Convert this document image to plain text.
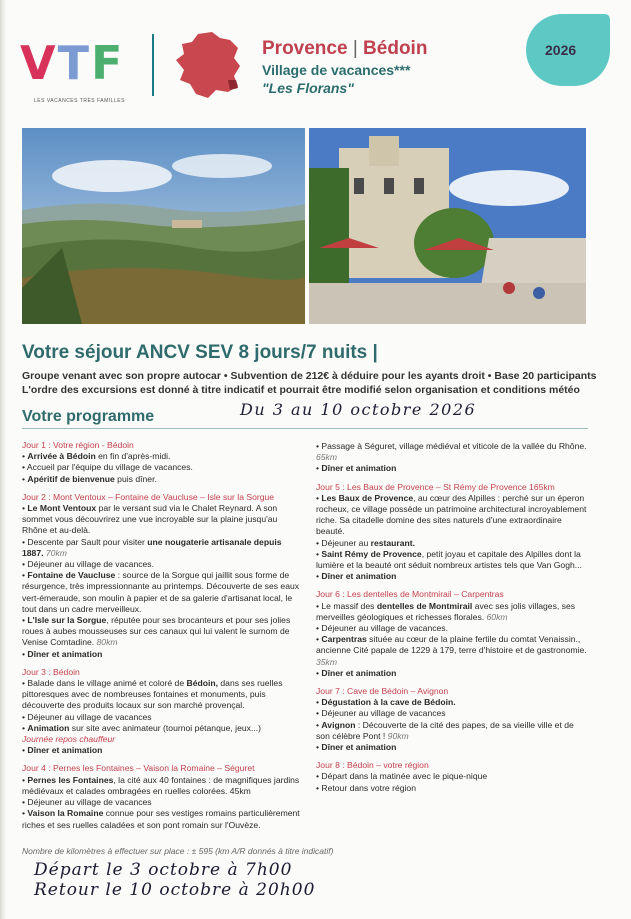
VTF
LES VACANCES TRÈS FAMILLES
Provence | Bédoin
Village de vacances***
"Les Florans"
2026
Votre séjour ANCV SEV 8 jours/7 nuits |
Groupe venant avec son propre autocar • Subvention de 212€ à déduire pour les ayants droit • Base 20 participants
L'ordre des excursions est donné à titre indicatif et pourrait être modifié selon organisation et conditions météo
Votre programme	Du 3 au 10 octobre 2026
Jour 1 : Votre région - Bédoin
• Arrivée à Bédoin en fin d'après-midi.
• Accueil par l'équipe du village de vacances.
• Apéritif de bienvenue puis dîner.
Jour 2 : Mont Ventoux – Fontaine de Vaucluse – Isle sur la Sorgue
• Le Mont Ventoux par le versant sud via le Chalet Reynard. A son sommet vous découvrirez une vue incroyable sur la plaine jusqu'au Rhône et au-delà.
• Descente par Sault pour visiter une nougaterie artisanale depuis 1887. 70km
• Déjeuner au village de vacances.
• Fontaine de Vaucluse : source de la Sorgue qui jaillit sous forme de résurgence, très impressionnante au printemps. Découverte de ses eaux vert-émeraude, son moulin à papier et de sa galerie d'artisanat local, le tout dans un cadre merveilleux.
• L'Isle sur la Sorgue, réputée pour ses brocanteurs et pour ses jolies roues à aubes mousseuses sur ces canaux qui lui valent le surnom de Venise Comtadine. 80km
• Dîner et animation
Jour 3 : Bédoin
• Balade dans le village animé et coloré de Bédoin, dans ses ruelles pittoresques avec de nombreuses fontaines et monuments, puis découverte des produits locaux sur son marché provençal.
• Déjeuner au village de vacances
• Animation sur site avec animateur (tournoi pétanque, jeux...)
Journée repos chauffeur
• Dîner et animation
Jour 4 : Pernes les Fontaines – Vaison la Romaine – Séguret
• Pernes les Fontaines, la cité aux 40 fontaines : de magnifiques jardins médiévaux et calades ombragées en ruelles colorées. 45km
• Déjeuner au village de vacances
• Vaison la Romaine connue pour ses vestiges romains particulièrement riches et ses ruelles caladées et son pont romain sur l'Ouvèze.
• Passage à Séguret, village médiéval et viticole de la vallée du Rhône. 65km
• Dîner et animation
Jour 5 : Les Baux de Provence – St Rémy de Provence 165km
• Les Baux de Provence, au cœur des Alpilles : perché sur un éperon rocheux, ce village possède un patrimoine architectural incroyablement riche. Sa citadelle domine des sites naturels d'une extraordinaire beauté.
• Déjeuner au restaurant.
• Saint Rémy de Provence, petit joyau et capitale des Alpilles dont la lumière et la beauté ont séduit nombreux artistes tels que Van Gogh...
• Dîner et animation
Jour 6 : Les dentelles de Montmirail – Carpentras
• Le massif des dentelles de Montmirail avec ses jolis villages, ses merveilles géologiques et richesses florales. 60km
• Déjeuner au village de vacances.
• Carpentras située au cœur de la plaine fertile du comtat Venaissin., ancienne Cité papale de 1229 à 179, terre d'histoire et de gastronomie. 35km
• Dîner et animation
Jour 7 : Cave de Bédoin – Avignon
• Dégustation à la cave de Bédoin.
• Déjeuner au village de vacances
• Avignon : Découverte de la cité des papes, de sa vieille ville et de son célèbre Pont ! 90km
• Dîner et animation
Jour 8 : Bédoin – votre région
• Départ dans la matinée avec le pique-nique
• Retour dans votre région
Nombre de kilomètres à effectuer sur place : ± 595 (km A/R donnés à titre indicatif)
Départ le 3 octobre à 7h00
Retour le 10 octobre à 20h00
